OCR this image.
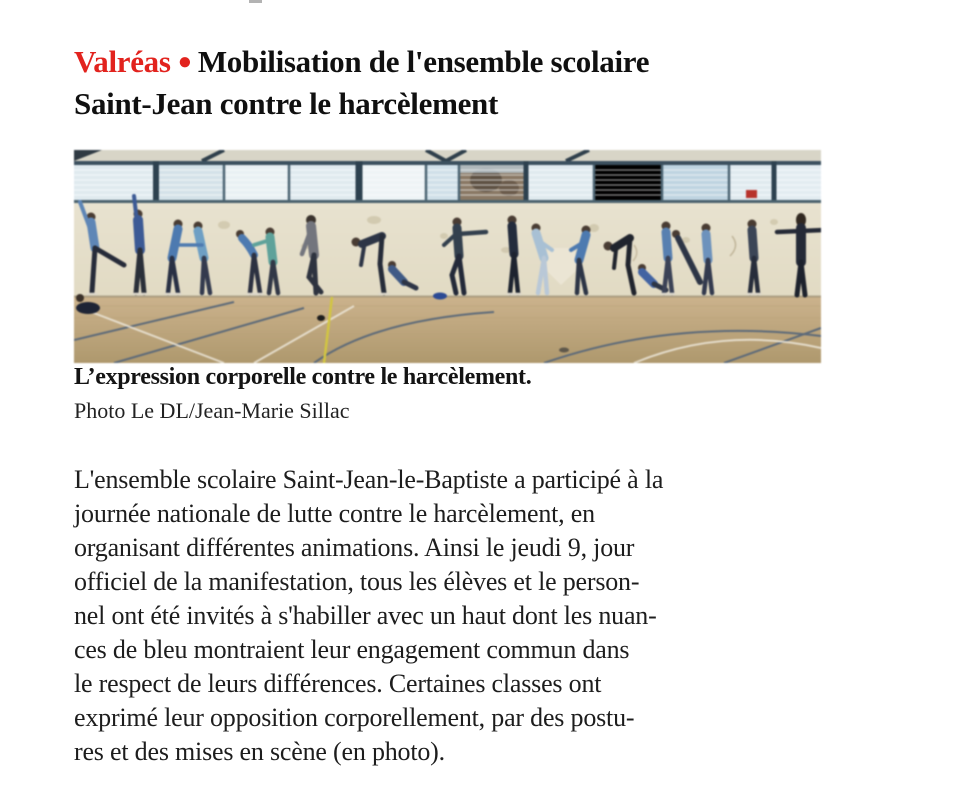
Valréas ● Mobilisation de l'ensemble scolaire
Saint-Jean contre le harcèlement
L’expression corporelle contre le harcèlement.
Photo Le DL/Jean-Marie Sillac
L'ensemble scolaire Saint-Jean-le-Baptiste a participé à la
journée nationale de lutte contre le harcèlement, en
organisant différentes animations. Ainsi le jeudi 9, jour
officiel de la manifestation, tous les élèves et le person-
nel ont été invités à s'habiller avec un haut dont les nuan-
ces de bleu montraient leur engagement commun dans
le respect de leurs différences. Certaines classes ont
exprimé leur opposition corporellement, par des postu-
res et des mises en scène (en photo).
